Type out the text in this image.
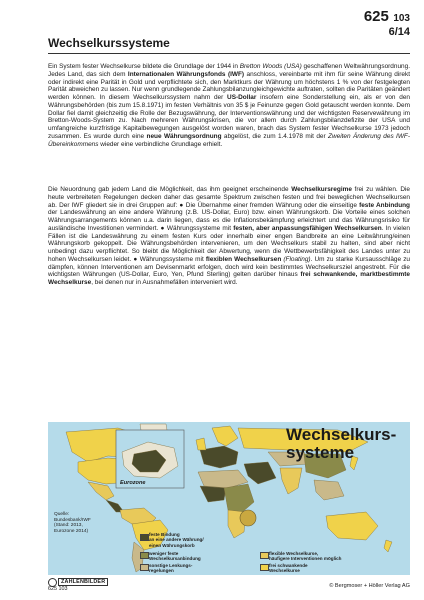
625 103
6/14
Wechselkurssysteme
Ein System fester Wechselkurse bildete die Grundlage der 1944 in Bretton Woods (USA) geschaffenen Weltwährungsordnung. Jedes Land, das sich dem Internationalen Währungsfonds (IWF) anschloss, vereinbarte mit ihm für seine Währung direkt oder indirekt eine Parität in Gold und verpflichtete sich, den Marktkurs der Währung um höchstens 1 % von der festgelegten Parität abweichen zu lassen. Nur wenn grundlegende Zahlungsbilanzungleichgewichte auftraten, sollten die Paritäten geändert werden können. In diesem Wechselkurssystem nahm der US-Dollar insofern eine Sonderstellung ein, als er von den Währungsbehörden (bis zum 15.8.1971) im festen Verhältnis von 35 $ je Feinunze gegen Gold getauscht werden konnte. Dem Dollar fiel damit gleichzeitig die Rolle der Bezugswährung, der Interventionswährung und der wichtigsten Reservewährung im Bretton-Woods-System zu. Nach mehreren Währungskrisen, die vor allem durch Zahlungsbilanzdefizite der USA und umfangreiche kurzfristige Kapitalbewegungen ausgelöst worden waren, brach das System fester Wechselkurse 1973 jedoch zusammen. Es wurde durch eine neue Währungsordnung abgelöst, die zum 1.4.1978 mit der Zweiten Änderung des IWF-Übereinkommens wieder eine verbindliche Grundlage erhielt.
Die Neuordnung gab jedem Land die Möglichkeit, das ihm geeignet erscheinende Wechselkursregime frei zu wählen. Die heute verbreiteten Regelungen decken daher das gesamte Spektrum zwischen festen und frei beweglichen Wechselkursen ab. Der IWF gliedert sie in drei Gruppen auf: ● Die Übernahme einer fremden Währung oder die einseitige feste Anbindung der Landeswährung an eine andere Währung (z.B. US-Dollar, Euro) bzw. einen Währungskorb. Die Vorteile eines solchen Währungsarrangements können u.a. darin liegen, dass es die Inflationsbekämpfung erleichtert und das Währungsrisiko für ausländische Investitionen vermindert. ● Währungssysteme mit festen, aber anpassungsfähigen Wechselkursen. In vielen Fällen ist die Landeswährung zu einem festen Kurs oder innerhalb einer engen Bandbreite an eine Leitwährung/einen Währungskorb gekoppelt. Die Währungsbehörden intervenieren, um den Wechselkurs stabil zu halten, sind aber nicht unbedingt dazu verpflichtet. So bleibt die Möglichkeit der Abwertung, wenn die Wettbewerbsfähigkeit des Landes unter zu hohen Wechselkursen leidet. ● Währungssysteme mit flexiblen Wechselkursen (Floating). Um zu starke Kursausschläge zu dämpfen, können Interventionen am Devisenmarkt erfolgen, doch wird kein bestimmtes Wechselkursziel angestrebt. Für die wichtigsten Währungen (US-Dollar, Euro, Yen, Pfund Sterling) gelten darüber hinaus frei schwankende, marktbestimmte Wechselkurse, bei denen nur in Ausnahmefällen interveniert wird.
Eurozone
Wechselkurs-
systeme
Quelle:
Bundesbank/IWF
(Stand: 2013,
Eurozone 2014)
feste Bindung
an eine andere Währung/
einen Währungskorb
weniger feste
Wechselkursanbindung
sonstige Lenkungs-
regelungen
flexible Wechselkurse,
häufigere Interventionen möglich
frei schwankende
Wechselkurse
ZAHLENBILDER
625 103	© Bergmoser + Höller Verlag AG
